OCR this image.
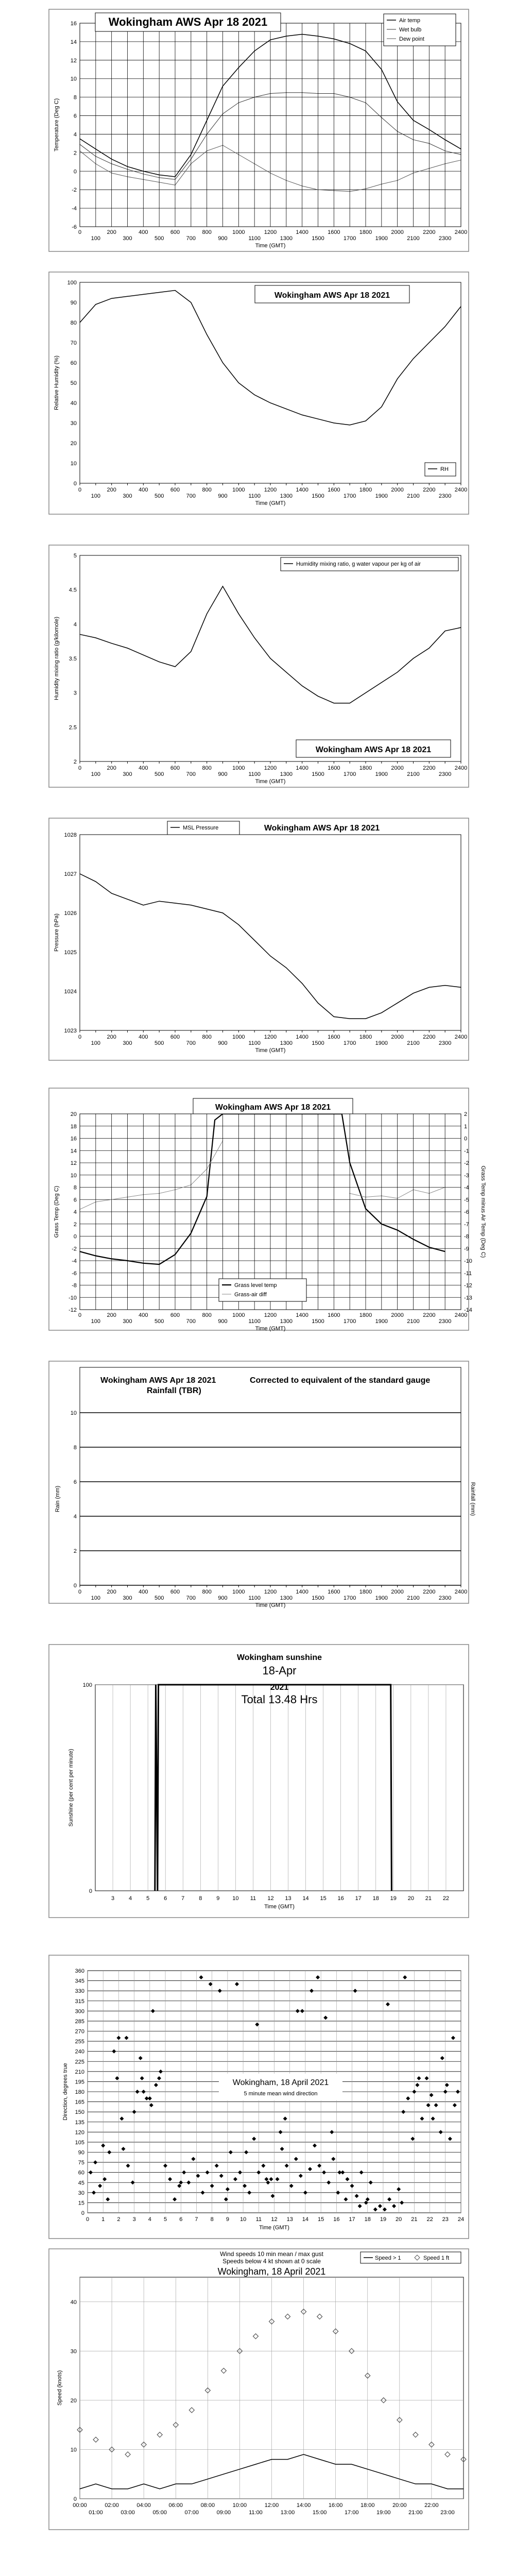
-6
-4
-2
0
2
4
6
8
10
12
14
16
Temperature (Deg C)
0
100
200
300
400
500
600
700
800
900
1000
1100
1200
1300
1400
1500
1600
1700
1800
1900
2000
2100
2200
2300
2400
Time (GMT)
Wokingham AWS Apr 18 2021	Air temp
Wet bulb
Dew point
0
10
20
30
40
50
60
70
80
90
100
Relative Humidity (%)
0
100
200
300
400
500
600
700
800
900
1000
1100
1200
1300
1400
1500
1600
1700
1800
1900
2000
2100
2200
2300
2400
Time (GMT)
Wokingham AWS Apr 18 2021
RH
2
2.5
3
3.5
4
4.5
5
Humidity mixing ratio (g/kilomole)
0
100
200
300
400
500
600
700
800
900
1000
1100
1200
1300
1400
1500
1600
1700
1800
1900
2000
2100
2200
2300
2400
Time (GMT)
Humidity mixing ratio, g water vapour per kg of air
Wokingham AWS Apr 18 2021
1023
1024
1025
1026
1027
1028
Pressure (hPa)
0
100
200
300
400
500
600
700
800
900
1000
1100
1200
1300
1400
1500
1600
1700
1800
1900
2000
2100
2200
2300
2400
Time (GMT)
MSL Pressure	Wokingham AWS Apr 18 2021
-12
-10
-8
-6
-4
-2
0
2
4
6
8
10
12
14
16
18
20
Grass Temp (Deg C)
0
100
200
300
400
500
600
700
800
900
1000
1100
1200
1300
1400
1500
1600
1700
1800
1900
2000
2100
2200
2300
2400
Time (GMT)
-14
-13
-12
-11
-10
-9
-8
-7
-6
-5
-4
-3
-2
-1
0
1
2
Grass Temp minus Air Temp (Deg C)
Wokingham AWS Apr 18 2021
Grass level temp
Grass-air diff
0
2
4
6
8
10
Rain (mm)	Rainfall (mm)
0
100
200
300
400
500
600
700
800
900
1000
1100
1200
1300
1400
1500
1600
1700
1800
1900
2000
2100
2200
2300
2400
Time (GMT)
Wokingham AWS Apr 18 2021
Rainfall (TBR)
Corrected to equivalent of the standard gauge
3	4	5	6	7	8	9 10 11 12 13 14 15 16 17 18 19 20 21 22
0
100
Sunshine (per cent per minute)
Time (GMT)
Wokingham sunshine
18-Apr
2021
Total 13.48 Hrs
0
15
30
45
60
75
90
105
120
135
150
165
180
195
210
225
240
255
270
285
300
315
330
345
360
0 1 2 3 4 5 6 7 8 9 10 11 12 13 14 15 16 17 18 19 20 21 22 23 24
Direction, degrees true
Time (GMT)
Wokingham, 18 April 2021
5 minute mean wind direction
0
10
20
30
40
00:00	02:00	04:00	06:00	08:00	10:00	12:00	14:00	16:00	18:00	20:00	22:00
01:00	03:00	05:00	07:00	09:00	11:00	13:00	15:00	17:00	19:00	21:00	23:00
Speed (knots)
Wind speeds 10 min mean / max gust
Speeds below 4 kt shown at 0 scale
Wokingham, 18 April 2021
Speed > 1	Speed 1 ft
